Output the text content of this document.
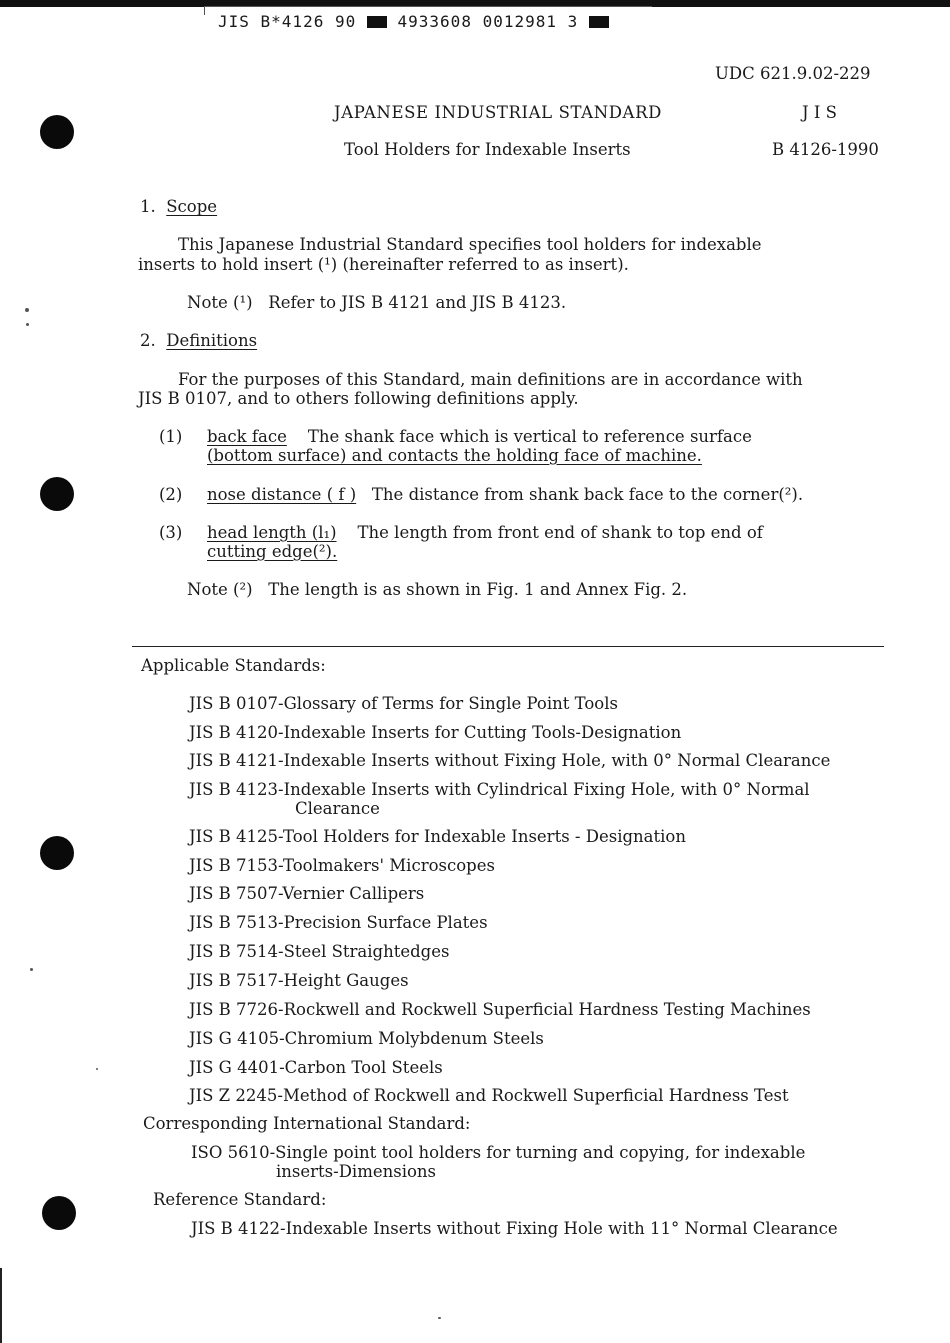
JIS B*4126 90	4933608 0012981 3
UDC 621.9.02-229
JAPANESE INDUSTRIAL STANDARD	J I S
Tool Holders for Indexable Inserts	B 4126-1990
1. Scope
This Japanese Industrial Standard specifies tool holders for indexable
inserts to hold insert (¹) (hereinafter referred to as insert).
Note (¹) Refer to JIS B 4121 and JIS B 4123.
2. Definitions
For the purposes of this Standard, main definitions are in accordance with
JIS B 0107, and to others following definitions apply.
(1) back face The shank face which is vertical to reference surface
(bottom surface) and contacts the holding face of machine.
(2) nose distance ( f ) The distance from shank back face to the corner(²).
(3) head length (l₁) The length from front end of shank to top end of
cutting edge(²).
Note (²) The length is as shown in Fig. 1 and Annex Fig. 2.
Applicable Standards:
JIS B 0107-Glossary of Terms for Single Point Tools
JIS B 4120-Indexable Inserts for Cutting Tools-Designation
JIS B 4121-Indexable Inserts without Fixing Hole, with 0° Normal Clearance
JIS B 4123-Indexable Inserts with Cylindrical Fixing Hole, with 0° Normal
Clearance
JIS B 4125-Tool Holders for Indexable Inserts - Designation
JIS B 7153-Toolmakers' Microscopes
JIS B 7507-Vernier Callipers
JIS B 7513-Precision Surface Plates
JIS B 7514-Steel Straightedges
JIS B 7517-Height Gauges
JIS B 7726-Rockwell and Rockwell Superficial Hardness Testing Machines
JIS G 4105-Chromium Molybdenum Steels
JIS G 4401-Carbon Tool Steels
JIS Z 2245-Method of Rockwell and Rockwell Superficial Hardness Test
Corresponding International Standard:
ISO 5610-Single point tool holders for turning and copying, for indexable
inserts-Dimensions
Reference Standard:
JIS B 4122-Indexable Inserts without Fixing Hole with 11° Normal Clearance
